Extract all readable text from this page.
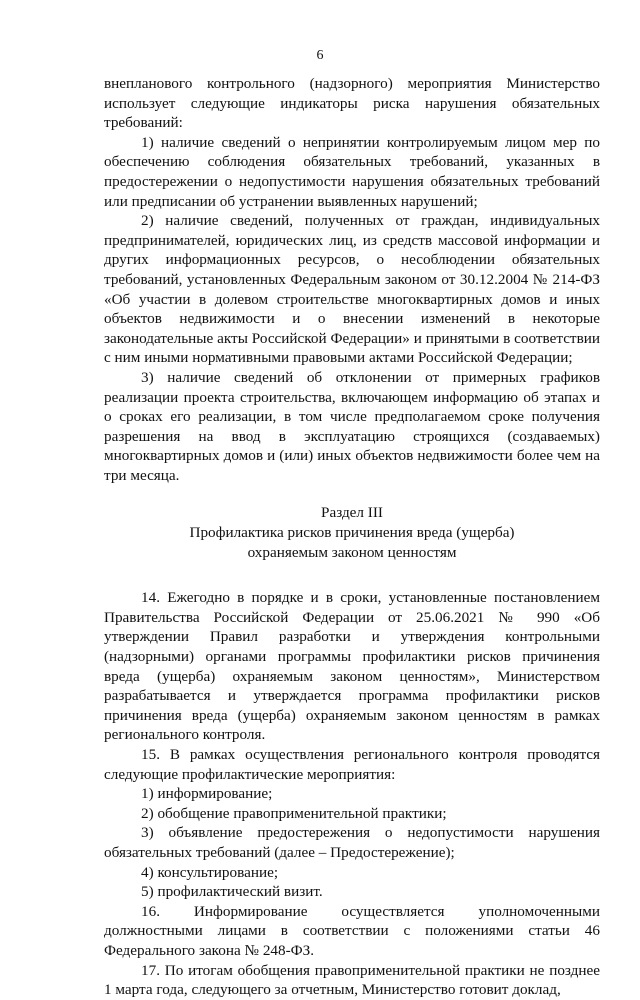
6

внепланового контрольного (надзорного) мероприятия Министерство использует следующие индикаторы риска нарушения обязательных требований:

1) наличие сведений о непринятии контролируемым лицом мер по обеспечению соблюдения обязательных требований, указанных в предостережении о недопустимости нарушения обязательных требований или предписании об устранении выявленных нарушений;

2) наличие сведений, полученных от граждан, индивидуальных предпринимателей, юридических лиц, из средств массовой информации и других информационных ресурсов, о несоблюдении обязательных требований, установленных Федеральным законом от 30.12.2004 № 214-ФЗ «Об участии в долевом строительстве многоквартирных домов и иных объектов недвижимости и о внесении изменений в некоторые законодательные акты Российской Федерации» и принятыми в соответствии с ним иными нормативными правовыми актами Российской Федерации;

3) наличие сведений об отклонении от примерных графиков реализации проекта строительства, включающем информацию об этапах и о сроках его реализации, в том числе предполагаемом сроке получения разрешения на ввод в эксплуатацию строящихся (создаваемых) многоквартирных домов и (или) иных объектов недвижимости более чем на три месяца.

Раздел III

Профилактика рисков причинения вреда (ущерба)

охраняемым законом ценностям

14. Ежегодно в порядке и в сроки, установленные постановлением Правительства Российской Федерации от 25.06.2021 № 990 «Об утверждении Правил разработки и утверждения контрольными (надзорными) органами программы профилактики рисков причинения вреда (ущерба) охраняемым законом ценностям», Министерством разрабатывается и утверждается программа профилактики рисков причинения вреда (ущерба) охраняемым законом ценностям в рамках регионального контроля.

15. В рамках осуществления регионального контроля проводятся следующие профилактические мероприятия:

1) информирование;

2) обобщение правоприменительной практики;

3) объявление предостережения о недопустимости нарушения обязательных требований (далее – Предостережение);

4) консультирование;

5) профилактический визит.

16. Информирование осуществляется уполномоченными должностными лицами в соответствии с положениями статьи 46 Федерального закона № 248-ФЗ.

17. По итогам обобщения правоприменительной практики не позднее 1 марта года, следующего за отчетным, Министерство готовит доклад,
